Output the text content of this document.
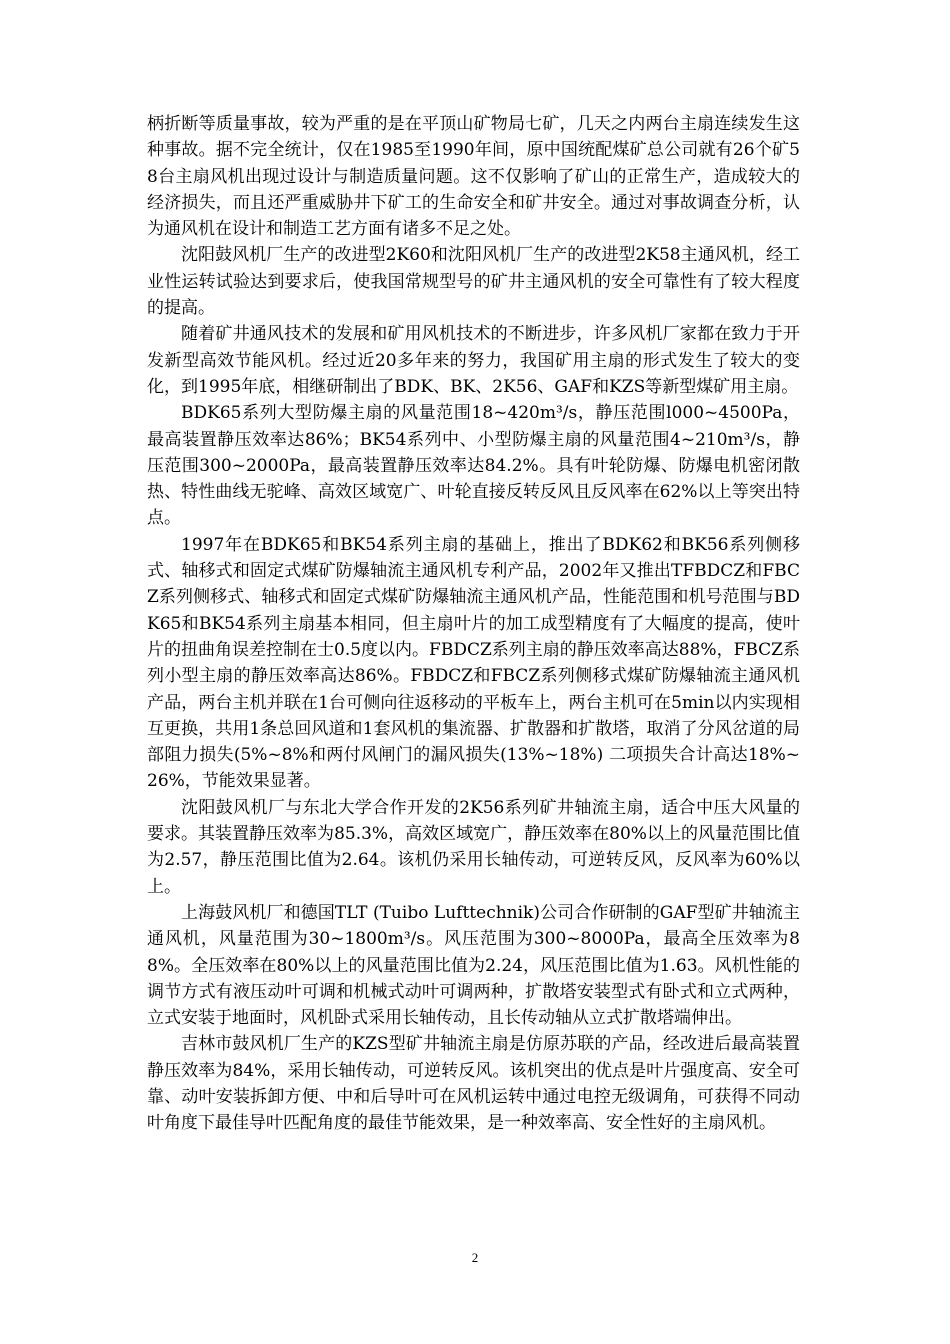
柄折断等质量事故，较为严重的是在平顶山矿物局七矿，几天之内两台主扇连续发生这种事故。据不完全统计，仅在1985至1990年间，原中国统配煤矿总公司就有26个矿58台主扇风机出现过设计与制造质量问题。这不仅影响了矿山的正常生产，造成较大的经济损失，而且还严重威胁井下矿工的生命安全和矿井安全。通过对事故调查分析，认为通风机在设计和制造工艺方面有诸多不足之处。

沈阳鼓风机厂生产的改进型2K60和沈阳风机厂生产的改进型2K58主通风机，经工业性运转试验达到要求后，使我国常规型号的矿井主通风机的安全可靠性有了较大程度的提高。

随着矿井通风技术的发展和矿用风机技术的不断进步，许多风机厂家都在致力于开发新型高效节能风机。经过近20多年来的努力，我国矿用主扇的形式发生了较大的变化，到1995年底，相继研制出了BDK、BK、2K56、GAF和KZS等新型煤矿用主扇。

BDK65系列大型防爆主扇的风量范围18~420m³/s，静压范围l000~4500Pa，最高装置静压效率达86%；BK54系列中、小型防爆主扇的风量范围4~210m³/s，静压范围300~2000Pa，最高装置静压效率达84.2%。具有叶轮防爆、防爆电机密闭散热、特性曲线无驼峰、高效区域宽广、叶轮直接反转反风且反风率在62%以上等突出特点。

1997年在BDK65和BK54系列主扇的基础上，推出了BDK62和BK56系列侧移式、轴移式和固定式煤矿防爆轴流主通风机专利产品，2002年又推出TFBDCZ和FBCZ系列侧移式、轴移式和固定式煤矿防爆轴流主通风机产品，性能范围和机号范围与BDK65和BK54系列主扇基本相同，但主扇叶片的加工成型精度有了大幅度的提高，使叶片的扭曲角误差控制在士0.5度以内。FBDCZ系列主扇的静压效率高达88%，FBCZ系列小型主扇的静压效率高达86%。FBDCZ和FBCZ系列侧移式煤矿防爆轴流主通风机产品，两台主机并联在1台可侧向往返移动的平板车上，两台主机可在5min以内实现相互更换，共用1条总回风道和1套风机的集流器、扩散器和扩散塔，取消了分风岔道的局部阻力损失(5%~8%和两付风闸门的漏风损失(13%~18%) 二项损失合计高达18%~26%，节能效果显著。

沈阳鼓风机厂与东北大学合作开发的2K56系列矿井轴流主扇，适合中压大风量的要求。其装置静压效率为85.3%，高效区域宽广，静压效率在80%以上的风量范围比值为2.57，静压范围比值为2.64。该机仍采用长轴传动，可逆转反风，反风率为60%以上。

上海鼓风机厂和德国TLT (Tuibo Lufttechnik)公司合作研制的GAF型矿井轴流主通风机，风量范围为30~1800m³/s。风压范围为300~8000Pa，最高全压效率为88%。全压效率在80%以上的风量范围比值为2.24，风压范围比值为1.63。风机性能的调节方式有液压动叶可调和机械式动叶可调两种，扩散塔安装型式有卧式和立式两种，立式安装于地面时，风机卧式采用长轴传动，且长传动轴从立式扩散塔端伸出。

吉林市鼓风机厂生产的KZS型矿井轴流主扇是仿原苏联的产品，经改进后最高装置静压效率为84%，采用长轴传动，可逆转反风。该机突出的优点是叶片强度高、安全可靠、动叶安装拆卸方便、中和后导叶可在风机运转中通过电控无级调角，可获得不同动叶角度下最佳导叶匹配角度的最佳节能效果，是一种效率高、安全性好的主扇风机。

2
